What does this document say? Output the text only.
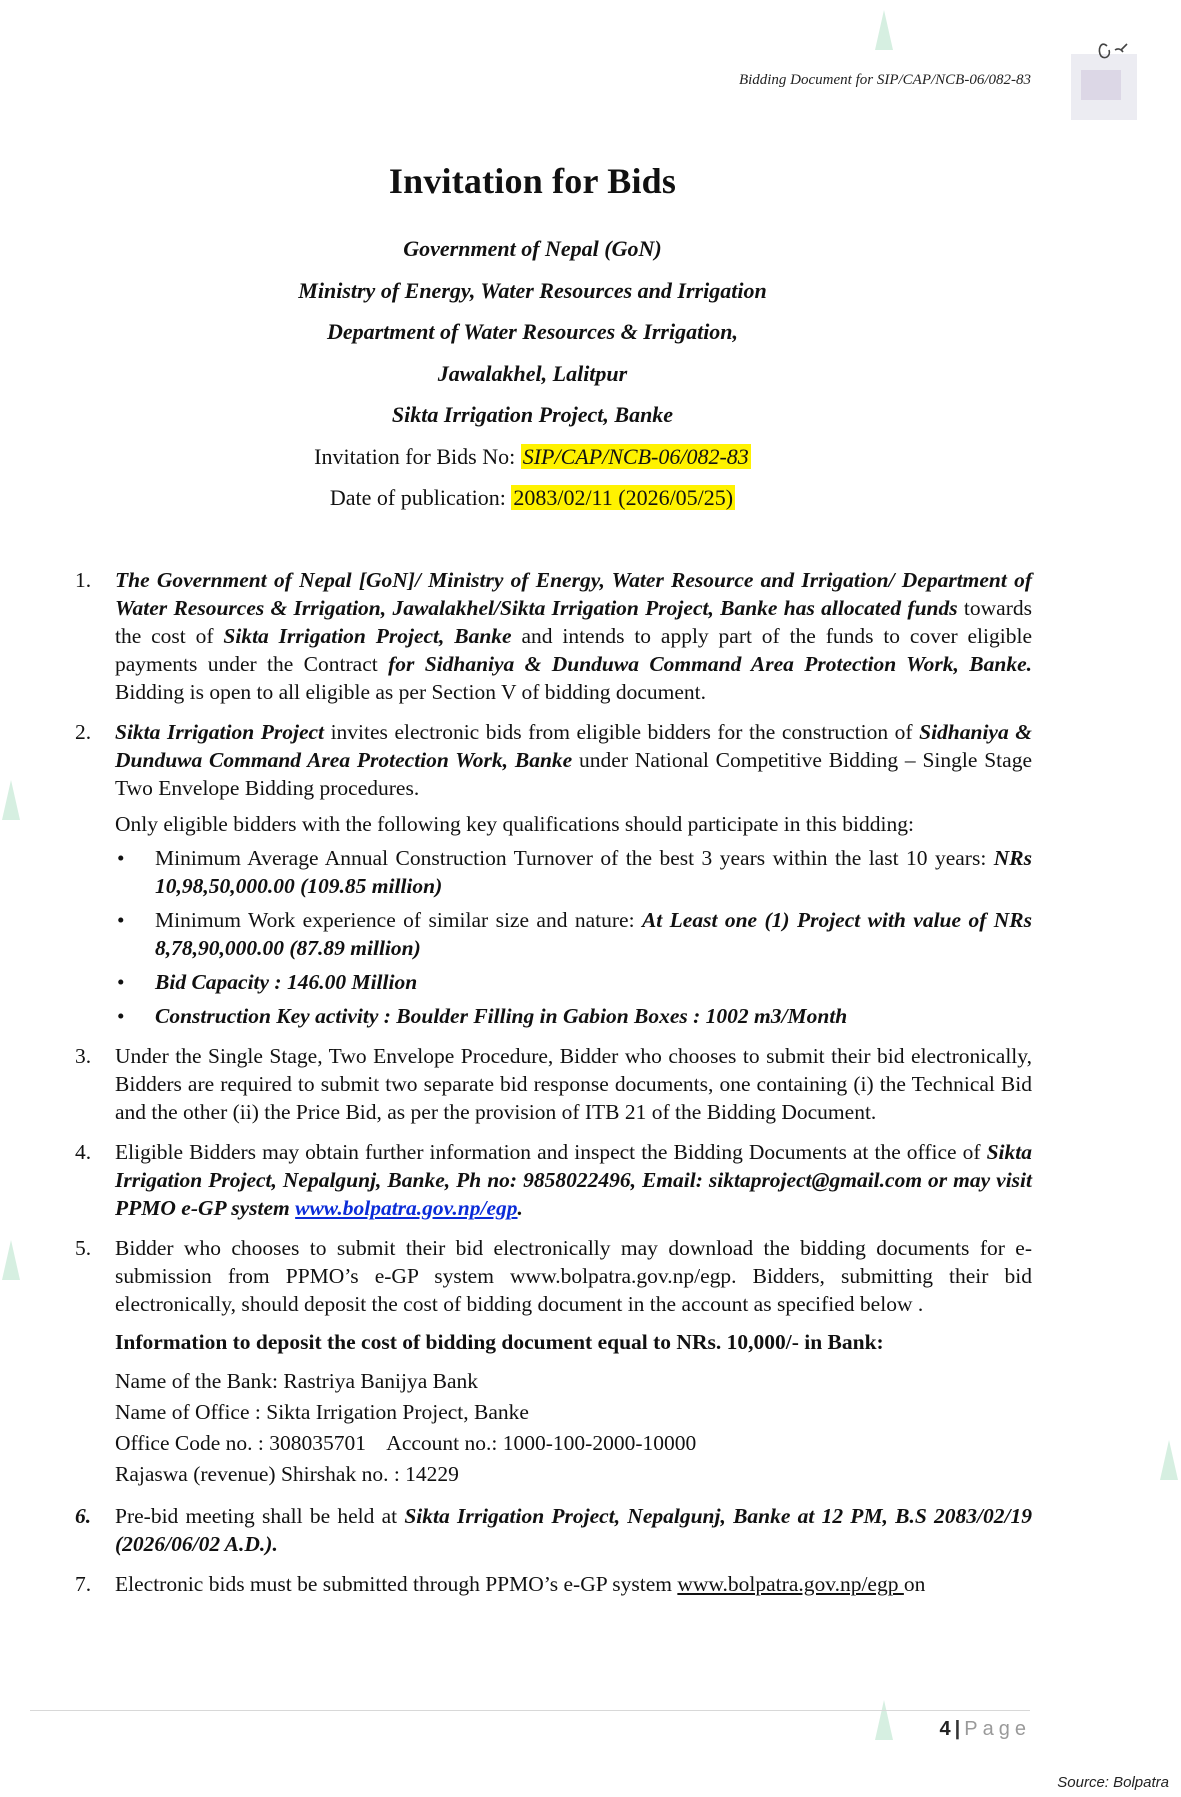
Bidding Document for SIP/CAP/NCB-06/082-83
Invitation for Bids
Government of Nepal (GoN)
Ministry of Energy, Water Resources and Irrigation
Department of Water Resources & Irrigation,
Jawalakhel, Lalitpur
Sikta Irrigation Project, Banke
Invitation for Bids No: SIP/CAP/NCB-06/082-83
Date of publication: 2083/02/11 (2026/05/25)
1. The Government of Nepal [GoN]/ Ministry of Energy, Water Resource and Irrigation/ Department of Water Resources & Irrigation, Jawalakhel/Sikta Irrigation Project, Banke has allocated funds towards the cost of Sikta Irrigation Project, Banke and intends to apply part of the funds to cover eligible payments under the Contract for Sidhaniya & Dunduwa Command Area Protection Work, Banke. Bidding is open to all eligible as per Section V of bidding document.
2. Sikta Irrigation Project invites electronic bids from eligible bidders for the construction of Sidhaniya & Dunduwa Command Area Protection Work, Banke under National Competitive Bidding – Single Stage Two Envelope Bidding procedures.
Only eligible bidders with the following key qualifications should participate in this bidding:
• Minimum Average Annual Construction Turnover of the best 3 years within the last 10 years: NRs 10,98,50,000.00 (109.85 million)
• Minimum Work experience of similar size and nature: At Least one (1) Project with value of NRs 8,78,90,000.00 (87.89 million)
• Bid Capacity : 146.00 Million
• Construction Key activity : Boulder Filling in Gabion Boxes : 1002 m3/Month
3. Under the Single Stage, Two Envelope Procedure, Bidder who chooses to submit their bid electronically, Bidders are required to submit two separate bid response documents, one containing (i) the Technical Bid and the other (ii) the Price Bid, as per the provision of ITB 21 of the Bidding Document.
4. Eligible Bidders may obtain further information and inspect the Bidding Documents at the office of Sikta Irrigation Project, Nepalgunj, Banke, Ph no: 9858022496, Email: siktaproject@gmail.com or may visit PPMO e-GP system www.bolpatra.gov.np/egp.
5. Bidder who chooses to submit their bid electronically may download the bidding documents for e-submission from PPMO’s e-GP system www.bolpatra.gov.np/egp. Bidders, submitting their bid electronically, should deposit the cost of bidding document in the account as specified below .
Information to deposit the cost of bidding document equal to NRs. 10,000/- in Bank:
Name of the Bank: Rastriya Banijya Bank
Name of Office : Sikta Irrigation Project, Banke
Office Code no. : 308035701    Account no.: 1000-100-2000-10000
Rajaswa (revenue) Shirshak no. : 14229
6. Pre-bid meeting shall be held at Sikta Irrigation Project, Nepalgunj, Banke at 12 PM, B.S 2083/02/19 (2026/06/02 A.D.).
7. Electronic bids must be submitted through PPMO’s e-GP system www.bolpatra.gov.np/egp on
4 | Page
Source: Bolpatra
